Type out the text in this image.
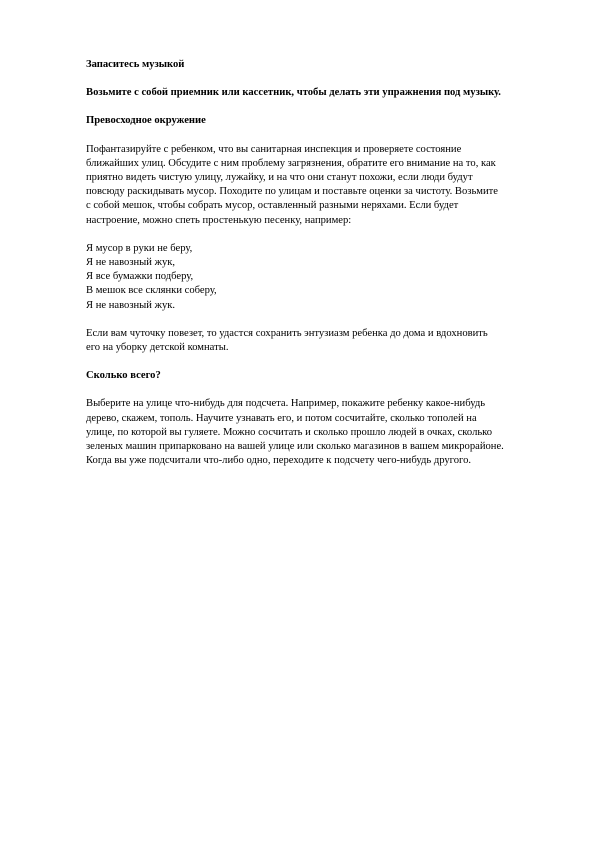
Запаситесь музыкой
Возьмите с собой приемник или кассетник, чтобы делать эти упражнения под музыку.
Превосходное окружение
Пофантазируйте с ребенком, что вы санитарная инспекция и проверяете состояние
ближайших улиц. Обсудите с ним проблему загрязнения, обратите его внимание на то, как
приятно видеть чистую улицу, лужайку, и на что они станут похожи, если люди будут
повсюду раскидывать мусор. Походите по улицам и поставьте оценки за чистоту. Возьмите
с собой мешок, чтобы собрать мусор, оставленный разными неряхами. Если будет
настроение, можно спеть простенькую песенку, например:
Я мусор в руки не беру,
Я не навозный жук,
Я все бумажки подберу,
В мешок все склянки соберу,
Я не навозный жук.
Если вам чуточку повезет, то удастся сохранить энтузиазм ребенка до дома и вдохновить
его на уборку детской комнаты.
Сколько всего?
Выберите на улице что-нибудь для подсчета. Например, покажите ребенку какое-нибудь
дерево, скажем, тополь. Научите узнавать его, и потом сосчитайте, сколько тополей на
улице, по которой вы гуляете. Можно сосчитать и сколько прошло людей в очках, сколько
зеленых машин припарковано на вашей улице или сколько магазинов в вашем микрорайоне.
Когда вы уже подсчитали что-либо одно, переходите к подсчету чего-нибудь другого.
